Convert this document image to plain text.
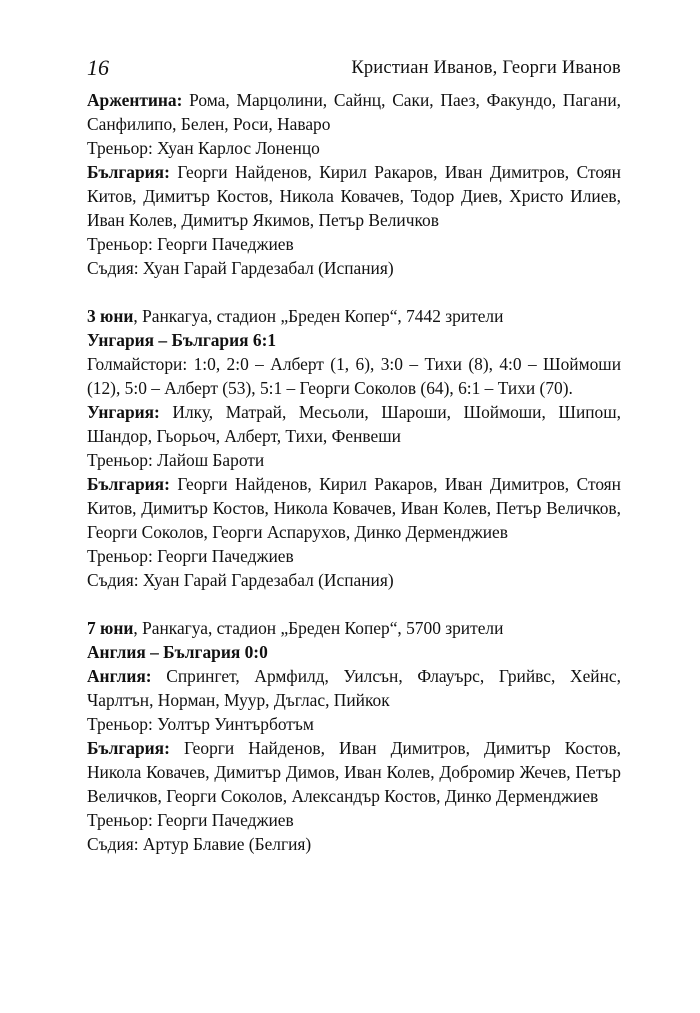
16	Кристиан Иванов, Георги Иванов

Аржентина: Рома, Марцолини, Сайнц, Саки, Паез, Факундо, Пагани, Санфилипо, Белен, Роси, Наваро

Треньор: Хуан Карлос Лоненцо

България: Георги Найденов, Кирил Ракаров, Иван Димитров, Стоян Китов, Димитър Костов, Никола Ковачев, Тодор Диев, Христо Илиев, Иван Колев, Димитър Якимов, Петър Величков

Треньор: Георги Пачеджиев

Съдия: Хуан Гарай Гардезабал (Испания)

3 юни, Ранкагуа, стадион „Бреден Копер“, 7442 зрители

Унгария – България 6:1

Голмайстори: 1:0, 2:0 – Алберт (1, 6), 3:0 – Тихи (8), 4:0 – Шоймоши (12), 5:0 – Алберт (53), 5:1 – Георги Соколов (64), 6:1 – Тихи (70).

Унгария: Илку, Матрай, Месьоли, Шароши, Шоймоши, Шипош, Шандор, Гьорьоч, Алберт, Тихи, Фенвеши

Треньор: Лайош Бароти

България: Георги Найденов, Кирил Ракаров, Иван Димитров, Стоян Китов, Димитър Костов, Никола Ковачев, Иван Колев, Петър Величков, Георги Соколов, Георги Аспарухов, Динко Дерменджиев

Треньор: Георги Пачеджиев

Съдия: Хуан Гарай Гардезабал (Испания)

7 юни, Ранкагуа, стадион „Бреден Копер“, 5700 зрители

Англия – България 0:0

Англия: Спрингет, Армфилд, Уилсън, Флауърс, Грийвс, Хейнс, Чарлтън, Норман, Муур, Дъглас, Пийкок

Треньор: Уолтър Уинтърботъм

България: Георги Найденов, Иван Димитров, Димитър Костов, Никола Ковачев, Димитър Димов, Иван Колев, Добромир Жечев, Петър Величков, Георги Соколов, Александър Костов, Динко Дерменджиев

Треньор: Георги Пачеджиев

Съдия: Артур Блавие (Белгия)
